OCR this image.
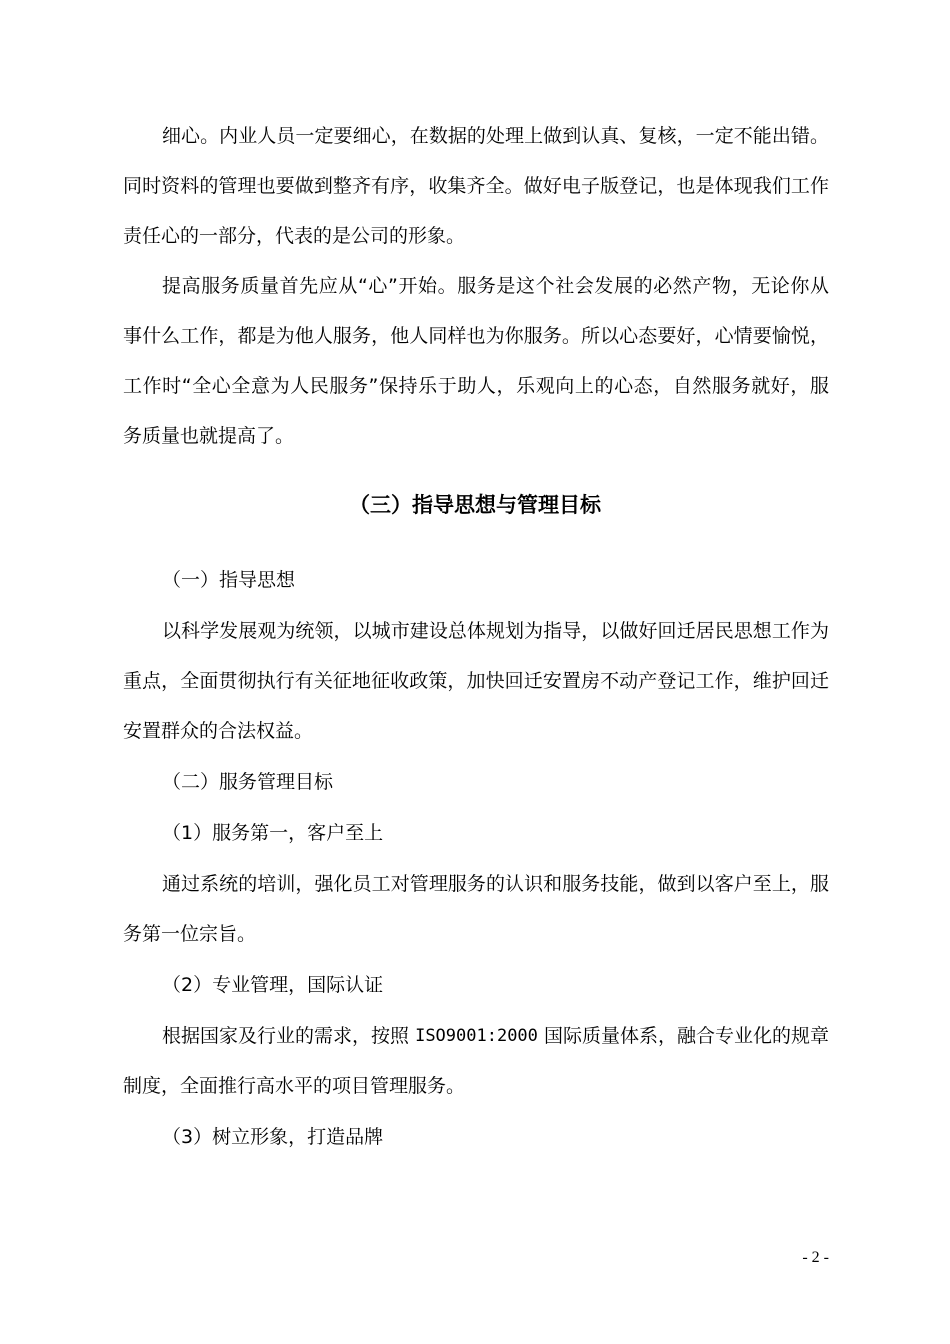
细心。内业人员一定要细心，在数据的处理上做到认真、复核，一定不能出错。
同时资料的管理也要做到整齐有序，收集齐全。做好电子版登记，也是体现我们工作
责任心的一部分，代表的是公司的形象。
提高服务质量首先应从“心”开始。服务是这个社会发展的必然产物，无论你从
事什么工作，都是为他人服务，他人同样也为你服务。所以心态要好，心情要愉悦，
工作时“全心全意为人民服务”保持乐于助人，乐观向上的心态，自然服务就好，服
务质量也就提高了。
（三）指导思想与管理目标
（一）指导思想
以科学发展观为统领，以城市建设总体规划为指导，以做好回迁居民思想工作为
重点，全面贯彻执行有关征地征收政策，加快回迁安置房不动产登记工作，维护回迁
安置群众的合法权益。
（二）服务管理目标
（1）服务第一，客户至上
通过系统的培训，强化员工对管理服务的认识和服务技能，做到以客户至上，服
务第一位宗旨。
（2）专业管理，国际认证
根据国家及行业的需求，按照 ISO9001:2000 国际质量体系，融合专业化的规章
制度，全面推行高水平的项目管理服务。
（3）树立形象，打造品牌
- 2 -
